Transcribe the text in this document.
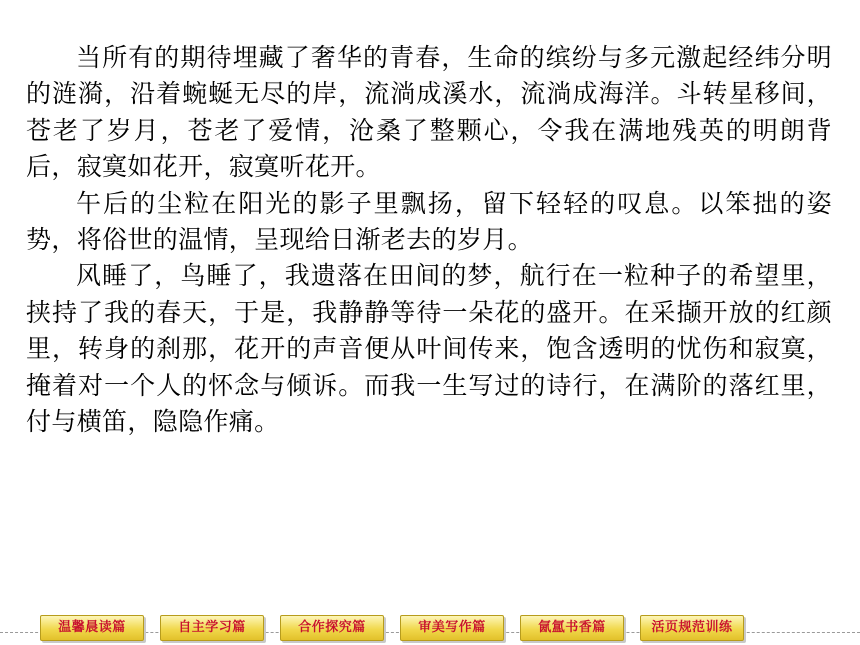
当所有的期待埋藏了奢华的青春，生命的缤纷与多元激起经纬分明的涟漪，沿着蜿蜒无尽的岸，流淌成溪水，流淌成海洋。斗转星移间，苍老了岁月，苍老了爱情，沧桑了整颗心，令我在满地残英的明朗背后，寂寞如花开，寂寞听花开。

午后的尘粒在阳光的影子里飘扬，留下轻轻的叹息。以笨拙的姿势，将俗世的温情，呈现给日渐老去的岁月。

风睡了，鸟睡了，我遗落在田间的梦，航行在一粒种子的希望里，挟持了我的春天，于是，我静静等待一朵花的盛开。在采撷开放的红颜里，转身的刹那，花开的声音便从叶间传来，饱含透明的忧伤和寂寞，掩着对一个人的怀念与倾诉。而我一生写过的诗行，在满阶的落红里，付与横笛，隐隐作痛。

温馨晨读篇	自主学习篇	合作探究篇	审美写作篇	氤氲书香篇	活页规范训练
